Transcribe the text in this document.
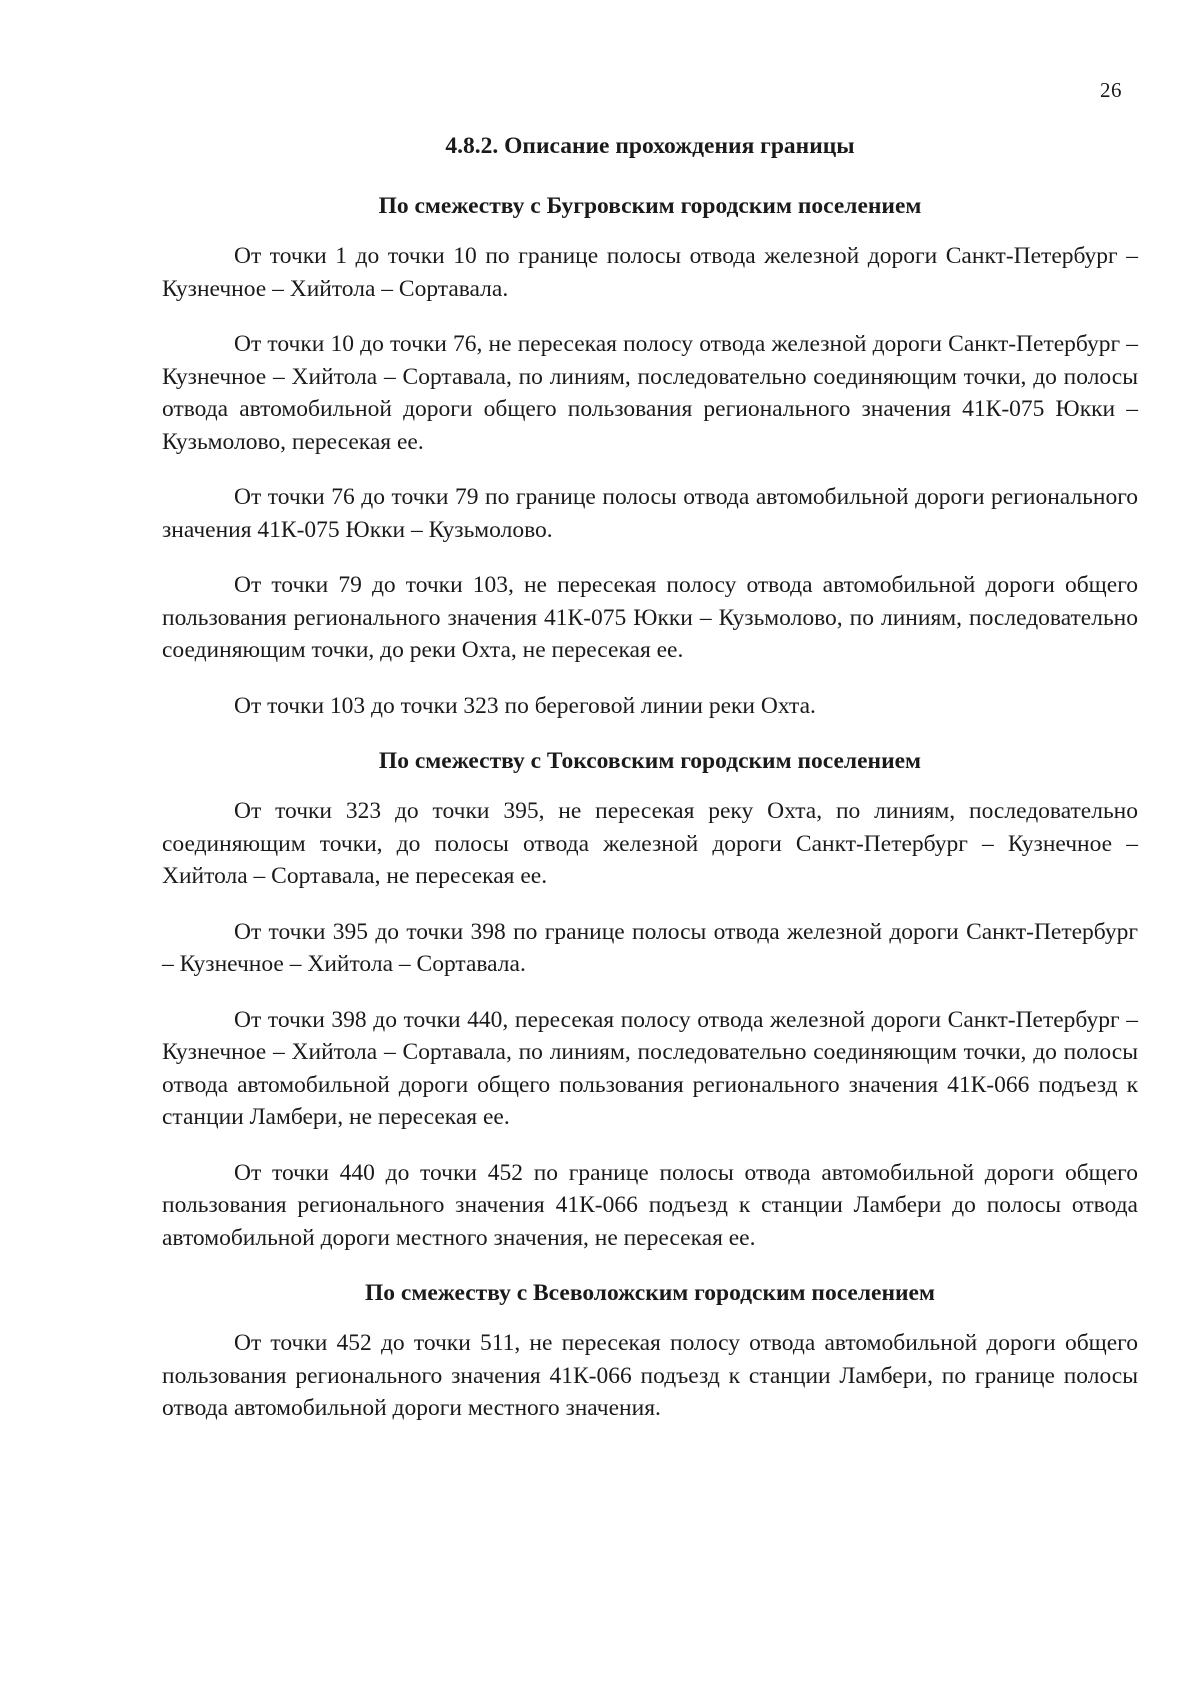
26
4.8.2. Описание прохождения границы
По смежеству с Бугровским городским поселением

От точки 1 до точки 10 по границе полосы отвода железной дороги Санкт-Петербург – Кузнечное – Хийтола – Сортавала.

От точки 10 до точки 76, не пересекая полосу отвода железной дороги Санкт-Петербург – Кузнечное – Хийтола – Сортавала, по линиям, последовательно соединяющим точки, до полосы отвода автомобильной дороги общего пользования регионального значения 41К-075 Юкки – Кузьмолово, пересекая ее.

От точки 76 до точки 79 по границе полосы отвода автомобильной дороги регионального значения 41К-075 Юкки – Кузьмолово.

От точки 79 до точки 103, не пересекая полосу отвода автомобильной дороги общего пользования регионального значения 41К-075 Юкки – Кузьмолово, по линиям, последовательно соединяющим точки, до реки Охта, не пересекая ее.

От точки 103 до точки 323 по береговой линии реки Охта.

По смежеству с Токсовским городским поселением

От точки 323 до точки 395, не пересекая реку Охта, по линиям, последовательно соединяющим точки, до полосы отвода железной дороги Санкт-Петербург – Кузнечное – Хийтола – Сортавала, не пересекая ее.

От точки 395 до точки 398 по границе полосы отвода железной дороги Санкт-Петербург – Кузнечное – Хийтола – Сортавала.

От точки 398 до точки 440, пересекая полосу отвода железной дороги Санкт-Петербург – Кузнечное – Хийтола – Сортавала, по линиям, последовательно соединяющим точки, до полосы отвода автомобильной дороги общего пользования регионального значения 41К-066 подъезд к станции Ламбери, не пересекая ее.

От точки 440 до точки 452 по границе полосы отвода автомобильной дороги общего пользования регионального значения 41К-066 подъезд к станции Ламбери до полосы отвода автомобильной дороги местного значения, не пересекая ее.

По смежеству с Всеволожским городским поселением

От точки 452 до точки 511, не пересекая полосу отвода автомобильной дороги общего пользования регионального значения 41К-066 подъезд к станции Ламбери, по границе полосы отвода автомобильной дороги местного значения.
